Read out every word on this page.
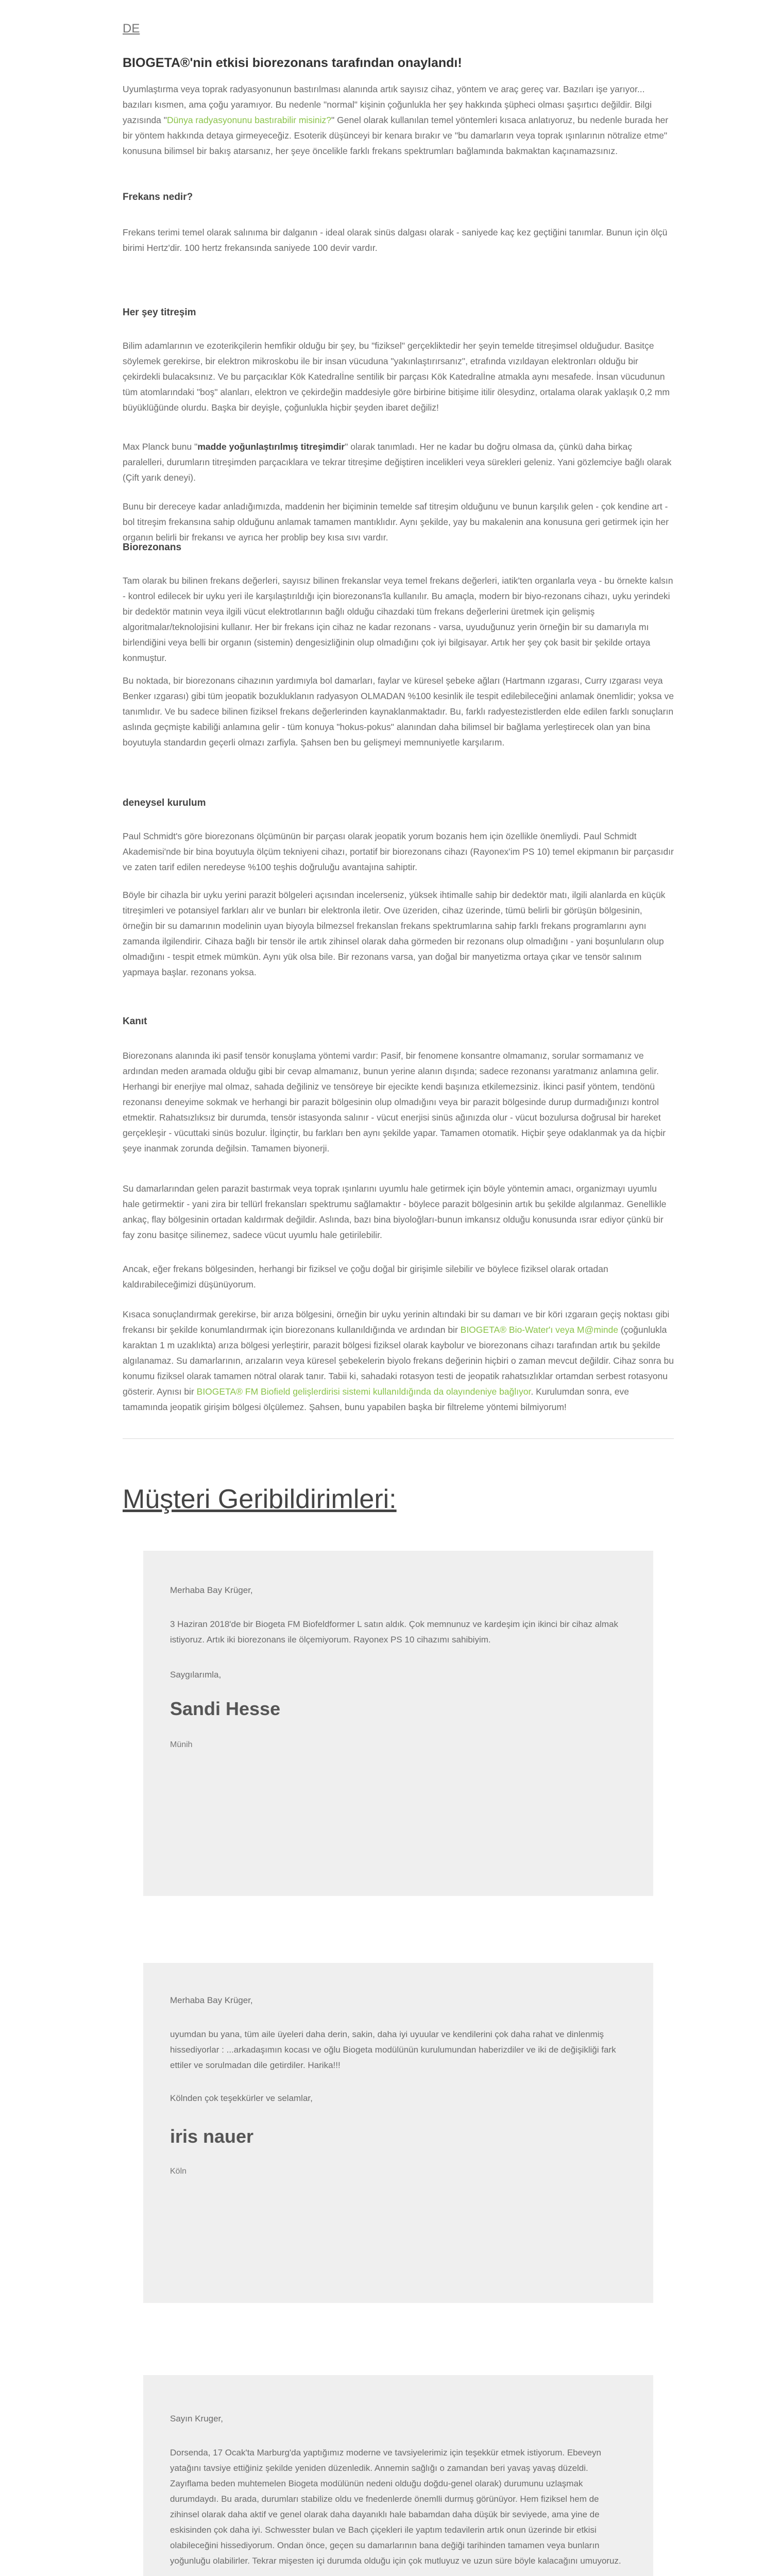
DE
BIOGETA®'nin etkisi biorezonans tarafından onaylandı!

Uyumlaştırma veya toprak radyasyonunun bastırılması alanında artık sayısız cihaz, yöntem ve araç gereç var. Bazıları işe yarıyor... bazıları kısmen, ama çoğu yaramıyor. Bu nedenle "normal" kişinin çoğunlukla her şey hakkında şüpheci olması şaşırtıcı değildir. Bilgi yazısında "Dünya radyasyonunu bastırabilir misiniz?" Genel olarak kullanılan temel yöntemleri kısaca anlatıyoruz, bu nedenle burada her bir yöntem hakkında detaya girmeyeceğiz. Esoterik düşünceyi bir kenara bırakır ve "bu damarların veya toprak ışınlarının nötralize etme" konusuna bilimsel bir bakış atarsanız, her şeye öncelikle farklı frekans spektrumları bağlamında bakmaktan kaçınamazsınız.

Frekans nedir?

Frekans terimi temel olarak salınıma bir dalganın - ideal olarak sinüs dalgası olarak - saniyede kaç kez geçtiğini tanımlar. Bunun için ölçü birimi Hertz'dir. 100 hertz frekansında saniyede 100 devir vardır.

Her şey titreşim

Bilim adamlarının ve ezoterikçilerin hemfikir olduğu bir şey, bu "fiziksel" gerçekliktedir her şeyin temelde titreşimsel olduğudur. Basitçe söylemek gerekirse, bir elektron mikroskobu ile bir insan vücuduna "yakınlaştırırsanız", etrafında vızıldayan elektronları olduğu bir çekirdekli bulacaksınız. Ve bu parçacıklar Kök Katedralİne sentilik bir parçası Kök Katedralİne atmakla aynı mesafede. İnsan vücudunun tüm atomlarındaki "boş" alanları, elektron ve çekirdeğin maddesiyle göre birbirine bitişime itilir ölesydinz, ortalama olarak yaklaşık 0,2 mm büyüklüğünde olurdu. Başka bir deyişle, çoğunlukla hiçbir şeyden ibaret değiliz!

Max Planck bunu "madde yoğunlaştırılmış titreşimdir" olarak tanımladı. Her ne kadar bu doğru olmasa da, çünkü daha birkaç paralelleri, durumların titreşimden parçacıklara ve tekrar titreşime değiştiren incelikleri veya sürekleri geleniz. Yani gözlemciye bağlı olarak (Çift yarık deneyi).

Bunu bir dereceye kadar anladığımızda, maddenin her biçiminin temelde saf titreşim olduğunu ve bunun karşılık gelen - çok kendine art - bol titreşim frekansına sahip olduğunu anlamak tamamen mantıklıdır. Aynı şekilde, yay bu makalenin ana konusuna geri getirmek için her organın belirli bir frekansı ve ayrıca her problip bey kısa sıvı vardır.

Biorezonans

Tam olarak bu bilinen frekans değerleri, sayısız bilinen frekanslar veya temel frekans değerleri, iatik'ten organlarla veya - bu örnekte kalsın - kontrol edilecek bir uyku yeri ile karşılaştırıldığı için biorezonans'la kullanılır. Bu amaçla, modern bir biyo-rezonans cihazı, uyku yerindeki bir dedektör matınin veya ilgili vücut elektrotlarının bağlı olduğu cihazdaki tüm frekans değerlerini üretmek için gelişmiş algoritmalar/teknolojisini kullanır. Her bir frekans için cihaz ne kadar rezonans - varsa, uyuduğunuz yerin örneğin bir su damarıyla mı birlendiğini veya belli bir organın (sistemin) dengesizliğinin olup olmadığını çok iyi bilgisayar. Artık her şey çok basit bir şekilde ortaya konmuştur.

Bu noktada, bir biorezonans cihazının yardımıyla bol damarları, faylar ve küresel şebeke ağları (Hartmann ızgarası, Curry ızgarası veya Benker ızgarası) gibi tüm jeopatik bozukluklanın radyasyon OLMADAN %100 kesinlik ile tespit edilebileceğini anlamak önemlidir; yoksa ve tanımlıdır. Ve bu sadece bilinen fiziksel frekans değerlerinden kaynaklanmaktadır. Bu, farklı radyestezistlerden elde edilen farklı sonuçların aslında geçmişte kabiliği anlamına gelir - tüm konuya "hokus-pokus" alanından daha bilimsel bir bağlama yerleştirecek olan yan bina boyutuyla standardın geçerli olmazı zarfiyla. Şahsen ben bu gelişmeyi memnuniyetle karşılarım.

deneysel kurulum

Paul Schmidt's göre biorezonans ölçümünün bir parçası olarak jeopatik yorum bozanis hem için özellikle önemliydi. Paul Schmidt Akademisi'nde bir bina boyutuyla ölçüm tekniyeni cihazı, portatif bir biorezonans cihazı (Rayonex'im PS 10) temel ekipmanın bir parçasıdır ve zaten tarif edilen neredeyse %100 teşhis doğruluğu avantajına sahiptir.

Böyle bir cihazla bir uyku yerini parazit bölgeleri açısından incelerseniz, yüksek ihtimalle sahip bir dedektör matı, ilgili alanlarda en küçük titreşimleri ve potansiyel farkları alır ve bunları bir elektronla iletir. Ove üzeriden, cihaz üzerinde, tümü belirli bir görüşün bölgesinin, örneğin bir su damarının modelinin uyan biyoyla bilmezsel frekanslan frekans spektrumlarına sahip farklı frekans programlarını aynı zamanda ilgilendirir. Cihaza bağlı bir tensör ile artık zihinsel olarak daha görmeden bir rezonans olup olmadığını - yani boşunluların olup olmadığını - tespit etmek mümkün. Aynı yük olsa bile. Bir rezonans varsa, yan doğal bir manyetizma ortaya çıkar ve tensör salınım yapmaya başlar. rezonans yoksa.

Kanıt

Biorezonans alanında iki pasif tensör konuşlama yöntemi vardır: Pasif, bir fenomene konsantre olmamanız, sorular sormamanız ve ardından meden aramada olduğu gibi bir cevap almamanız, bunun yerine alanın dışında; sadece rezonansı yaratmanız anlamına gelir. Herhangi bir enerjiye mal olmaz, sahada değiliniz ve tensöreye bir ejecikte kendi başınıza etkilemezsiniz. İkinci pasif yöntem, tendönü rezonansı deneyime sokmak ve herhangi bir parazit bölgesinin olup olmadığını veya bir parazit bölgesinde durup durmadığınızı kontrol etmektir. Rahatsızlıksız bir durumda, tensör istasyonda salınır - vücut enerjisi sinüs ağınızda olur - vücut bozulursa doğrusal bir hareket gerçekleşir - vücuttaki sinüs bozulur. İlginçtir, bu farkları ben aynı şekilde yapar. Tamamen otomatik. Hiçbir şeye odaklanmak ya da hiçbir şeye inanmak zorunda değilsin. Tamamen biyonerji.

Su damarlarından gelen parazit bastırmak veya toprak ışınlarını uyumlu hale getirmek için böyle yöntemin amacı, organizmayı uyumlu hale getirmektir - yani zira bir tellürl frekansları spektrumu sağlamaktır - böylece parazit bölgesinin artık bu şekilde algılanmaz. Genellikle ankaç, flay bölgesinin ortadan kaldırmak değildir. Aslında, bazı bina biyoloğları-bunun imkansız olduğu konusunda ısrar ediyor çünkü bir fay zonu basitçe silinemez, sadece vücut uyumlu hale getirilebilir.

Ancak, eğer frekans bölgesinden, herhangi bir fiziksel ve çoğu doğal bir girişimle silebilir ve böylece fiziksel olarak ortadan kaldırabileceğimizi düşünüyorum.

Kısaca sonuçlandırmak gerekirse, bir arıza bölgesini, örneğin bir uyku yerinin altındaki bir su damarı ve bir köri ızgaraın geçiş noktası gibi frekansı bir şekilde konumlandırmak için biorezonans kullanıldığında ve ardından bir BIOGETA® Bio-Water'ı veya M@minde (çoğunlukla karaktan 1 m uzaklıkta) arıza bölgesi yerleştirir, parazit bölgesi fiziksel olarak kaybolur ve biorezonans cihazı tarafından artık bu şekilde algılanamaz. Su damarlarının, arızaların veya küresel şebekelerin biyolo frekans değerinin hiçbiri o zaman mevcut değildir. Cihaz sonra bu konumu fiziksel olarak tamamen nötral olarak tanır. Tabii ki, sahadaki rotasyon testi de jeopatik rahatsızlıklar ortamdan serbest rotasyonu gösterir. Aynısı bir BIOGETA® FM Biofield gelişlerdirisi sistemi kullanıldığında da olayındeniye bağlıyor. Kurulumdan sonra, eve tamamında jeopatik girişim bölgesi ölçülemez. Şahsen, bunu yapabilen başka bir filtreleme yöntemi bilmiyorum!

Müşteri Geribildirimleri:

Merhaba Bay Krüger,

3 Haziran 2018'de bir Biogeta FM Biofeldformer L satın aldık. Çok memnunuz ve kardeşim için ikinci bir cihaz almak istiyoruz. Artık iki biorezonans ile ölçemiyorum. Rayonex PS 10 cihazımı sahibiyim.

Saygılarımla,

Sandi Hesse
Münih

Merhaba Bay Krüger,

uyumdan bu yana, tüm aile üyeleri daha derin, sakin, daha iyi uyuular ve kendilerini çok daha rahat ve dinlenmiş hissediyorlar : ...arkadaşımın kocası ve oğlu Biogeta modülünün kurulumundan haberizdiler ve iki de değişikliği fark ettiler ve sorulmadan dile getirdiler. Harika!!!

Kölnden çok teşekkürler ve selamlar,

iris nauer
Köln

Sayın Kruger,

Dorsenda, 17 Ocak'ta Marburg'da yaptığımız moderne ve tavsiyelerimiz için teşekkür etmek istiyorum. Ebeveyn yatağını tavsiye ettiğiniz şekilde yeniden düzenledik. Annemin sağlığı o zamandan beri yavaş yavaş düzeldi. Zayıflama beden muhtemelen Biogeta modülünün nedeni olduğu doğdu-genel olarak) durumunu uzlaşmak durumdaydı. Bu arada, durumları stabilize oldu ve fnedenlerde önemlli durmuş görünüyor. Hem fiziksel hem de zihinsel olarak daha aktif ve genel olarak daha dayanıklı hale babamdan daha düşük bir seviyede, ama yine de eskisinden çok daha iyi. Schwesster bulan ve Bach çiçekleri ile yaptım tedavilerin artık onun üzerinde bir etkisi olabileceğini hissediyorum. Ondan önce, geçen su damarlarının bana değiği tarihinden tamamen veya bunların yoğunluğu olabilirler. Tekrar mişesten içi durumda olduğu için çok mutluyuz ve uzun süre böyle kalacağını umuyoruz.
